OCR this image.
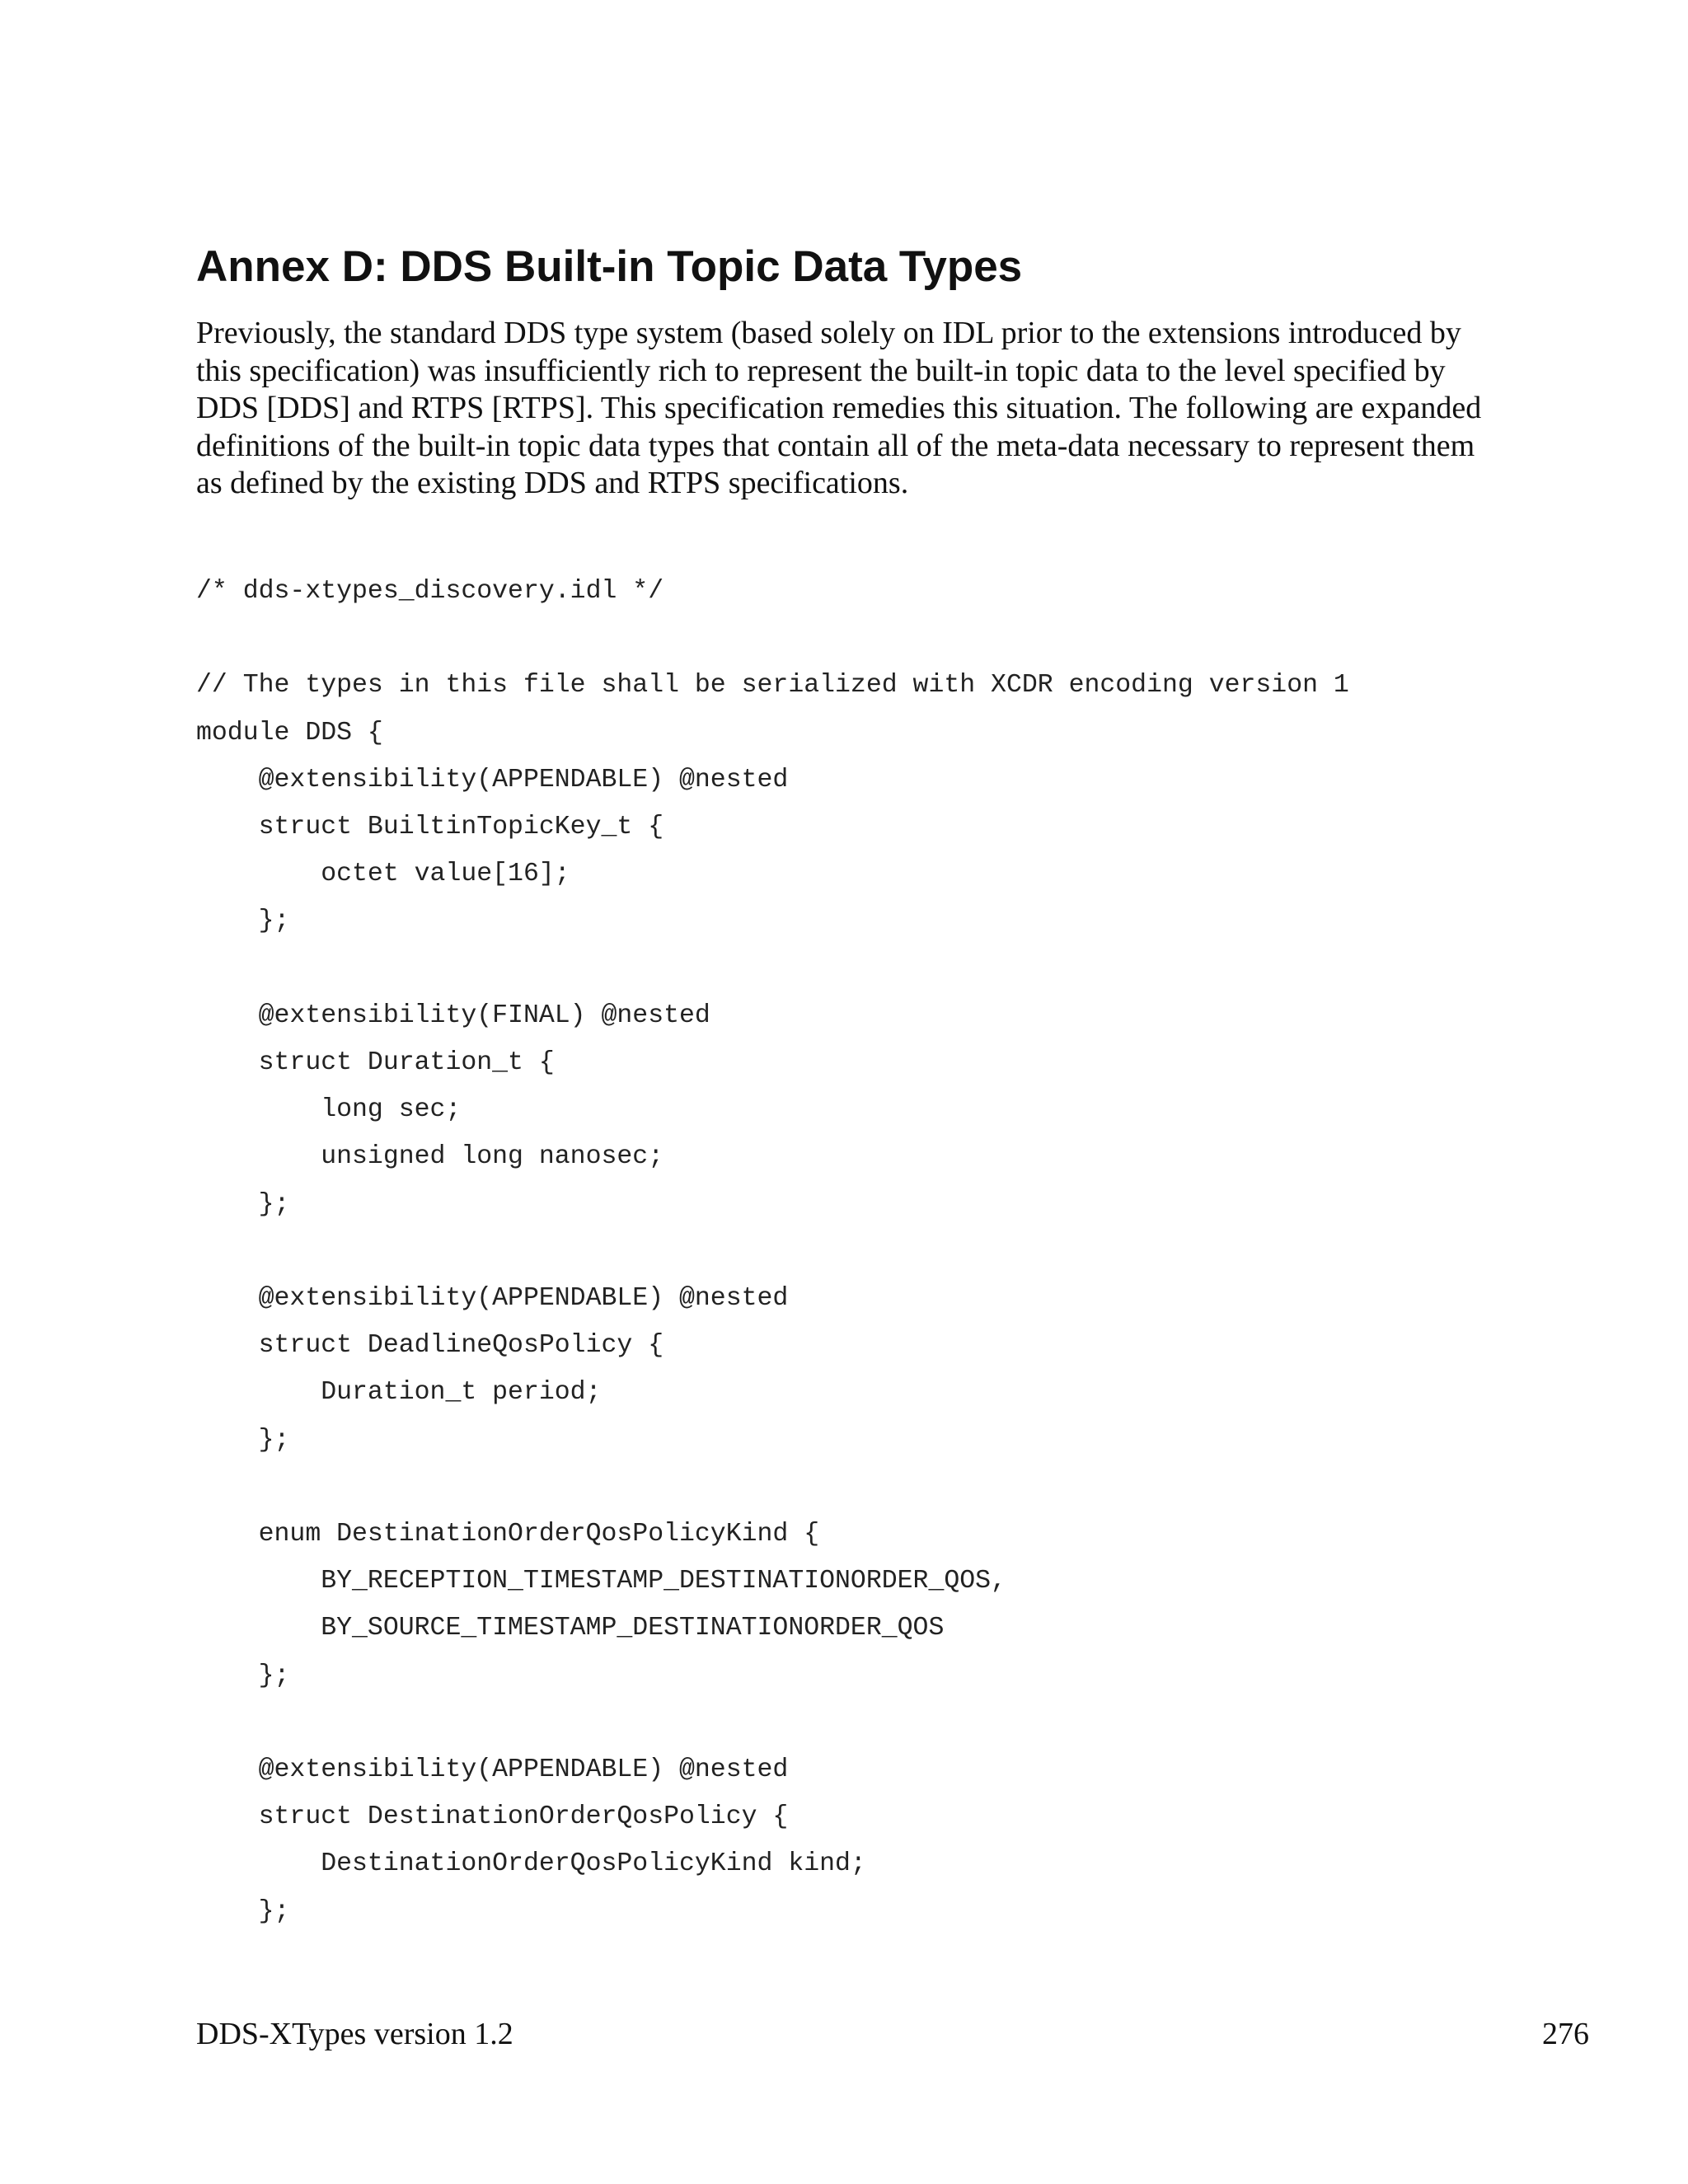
Annex D: DDS Built-in Topic Data Types

Previously, the standard DDS type system (based solely on IDL prior to the extensions introduced by this specification) was insufficiently rich to represent the built-in topic data to the level specified by DDS [DDS] and RTPS [RTPS]. This specification remedies this situation. The following are expanded definitions of the built-in topic data types that contain all of the meta-data necessary to represent them as defined by the existing DDS and RTPS specifications.

/* dds-xtypes_discovery.idl */
// The types in this file shall be serialized with XCDR encoding version 1
module DDS {
@extensibility(APPENDABLE) @nested
struct BuiltinTopicKey_t {
octet value[16];
};
@extensibility(FINAL) @nested
struct Duration_t {
long sec;
unsigned long nanosec;
};
@extensibility(APPENDABLE) @nested
struct DeadlineQosPolicy {
Duration_t period;
};
enum DestinationOrderQosPolicyKind {
BY_RECEPTION_TIMESTAMP_DESTINATIONORDER_QOS,
BY_SOURCE_TIMESTAMP_DESTINATIONORDER_QOS
};
@extensibility(APPENDABLE) @nested
struct DestinationOrderQosPolicy {
DestinationOrderQosPolicyKind kind;
};
DDS-XTypes version 1.2	276
